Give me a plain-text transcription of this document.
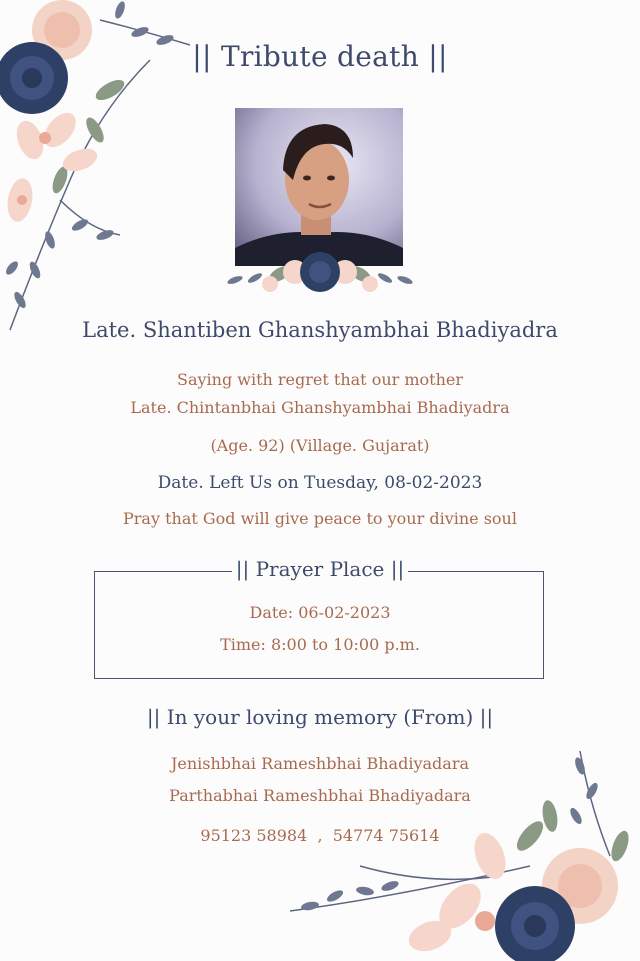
|| Tribute death ||
Late. Shantiben Ghanshyambhai Bhadiyadra
Saying with regret that our mother
Late. Chintanbhai Ghanshyambhai Bhadiyadra
(Age. 92) (Village. Gujarat)
Date. Left Us on Tuesday, 08-02-2023
Pray that God will give peace to your divine soul
|| Prayer Place ||
Date: 06-02-2023
Time: 8:00 to 10:00 p.m.
|| In your loving memory (From) ||
Jenishbhai Rameshbhai Bhadiyadara
Parthabhai Rameshbhai Bhadiyadara
95123 58984  ,  54774 75614
